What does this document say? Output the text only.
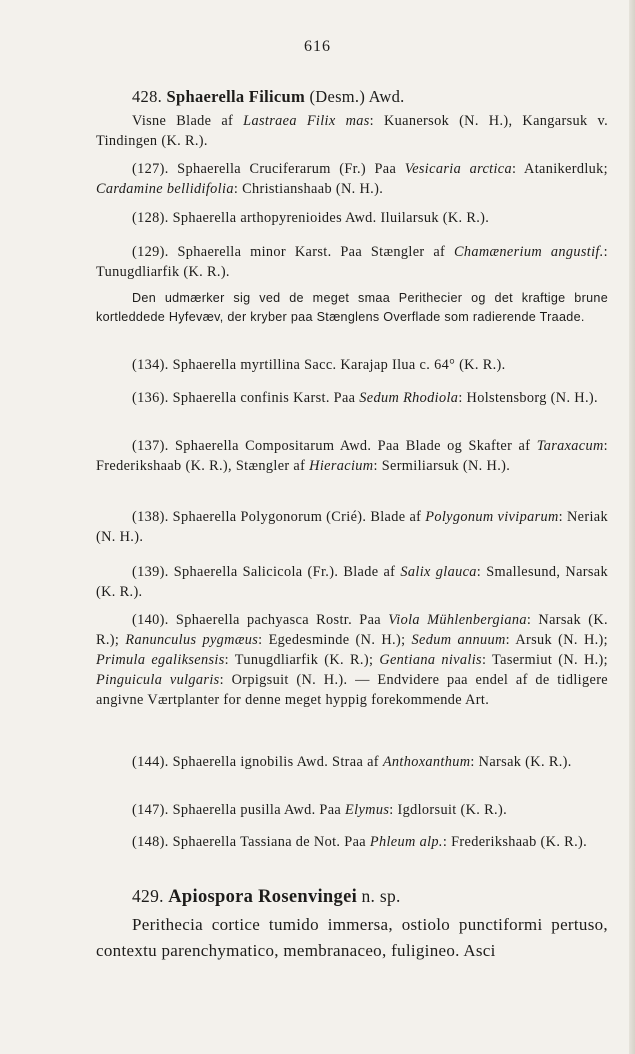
616

428. Sphaerella Filicum (Desm.) Awd.

Visne Blade af Lastraea Filix mas: Kuanersok (N. H.), Kangarsuk v. Tindingen (K. R.).

(127). Sphaerella Cruciferarum (Fr.) Paa Vesicaria arctica: Atanikerdluk; Cardamine bellidifolia: Christianshaab (N. H.).

(128). Sphaerella arthopyrenioides Awd. Iluilarsuk (K. R.).

(129). Sphaerella minor Karst. Paa Stængler af Chamænerium angustif.: Tunugdliarfik (K. R.).

Den udmærker sig ved de meget smaa Perithecier og det kraftige brune kortleddede Hyfevæv, der kryber paa Stænglens Overflade som radierende Traade.

(134). Sphaerella myrtillina Sacc. Karajap Ilua c. 64° (K. R.).

(136). Sphaerella confinis Karst. Paa Sedum Rhodiola: Holstensborg (N. H.).

(137). Sphaerella Compositarum Awd. Paa Blade og Skafter af Taraxacum: Frederikshaab (K. R.), Stængler af Hieracium: Sermiliarsuk (N. H.).

(138). Sphaerella Polygonorum (Crié). Blade af Polygonum viviparum: Neriak (N. H.).

(139). Sphaerella Salicicola (Fr.). Blade af Salix glauca: Smallesund, Narsak (K. R.).

(140). Sphaerella pachyasca Rostr. Paa Viola Mühlenbergiana: Narsak (K. R.); Ranunculus pygmæus: Egedesminde (N. H.); Sedum annuum: Arsuk (N. H.); Primula egaliksensis: Tunugdliarfik (K. R.); Gentiana nivalis: Tasermiut (N. H.); Pinguicula vulgaris: Orpigsuit (N. H.). — Endvidere paa endel af de tidligere angivne Værtplanter for denne meget hyppig forekommende Art.

(144). Sphaerella ignobilis Awd. Straa af Anthoxanthum: Narsak (K. R.).

(147). Sphaerella pusilla Awd. Paa Elymus: Igdlorsuit (K. R.).

(148). Sphaerella Tassiana de Not. Paa Phleum alp.: Frederikshaab (K. R.).

429. Apiospora Rosenvingei n. sp.

Perithecia cortice tumido immersa, ostiolo punctiformi pertuso, contextu parenchymatico, membranaceo, fuligineo. Asci
